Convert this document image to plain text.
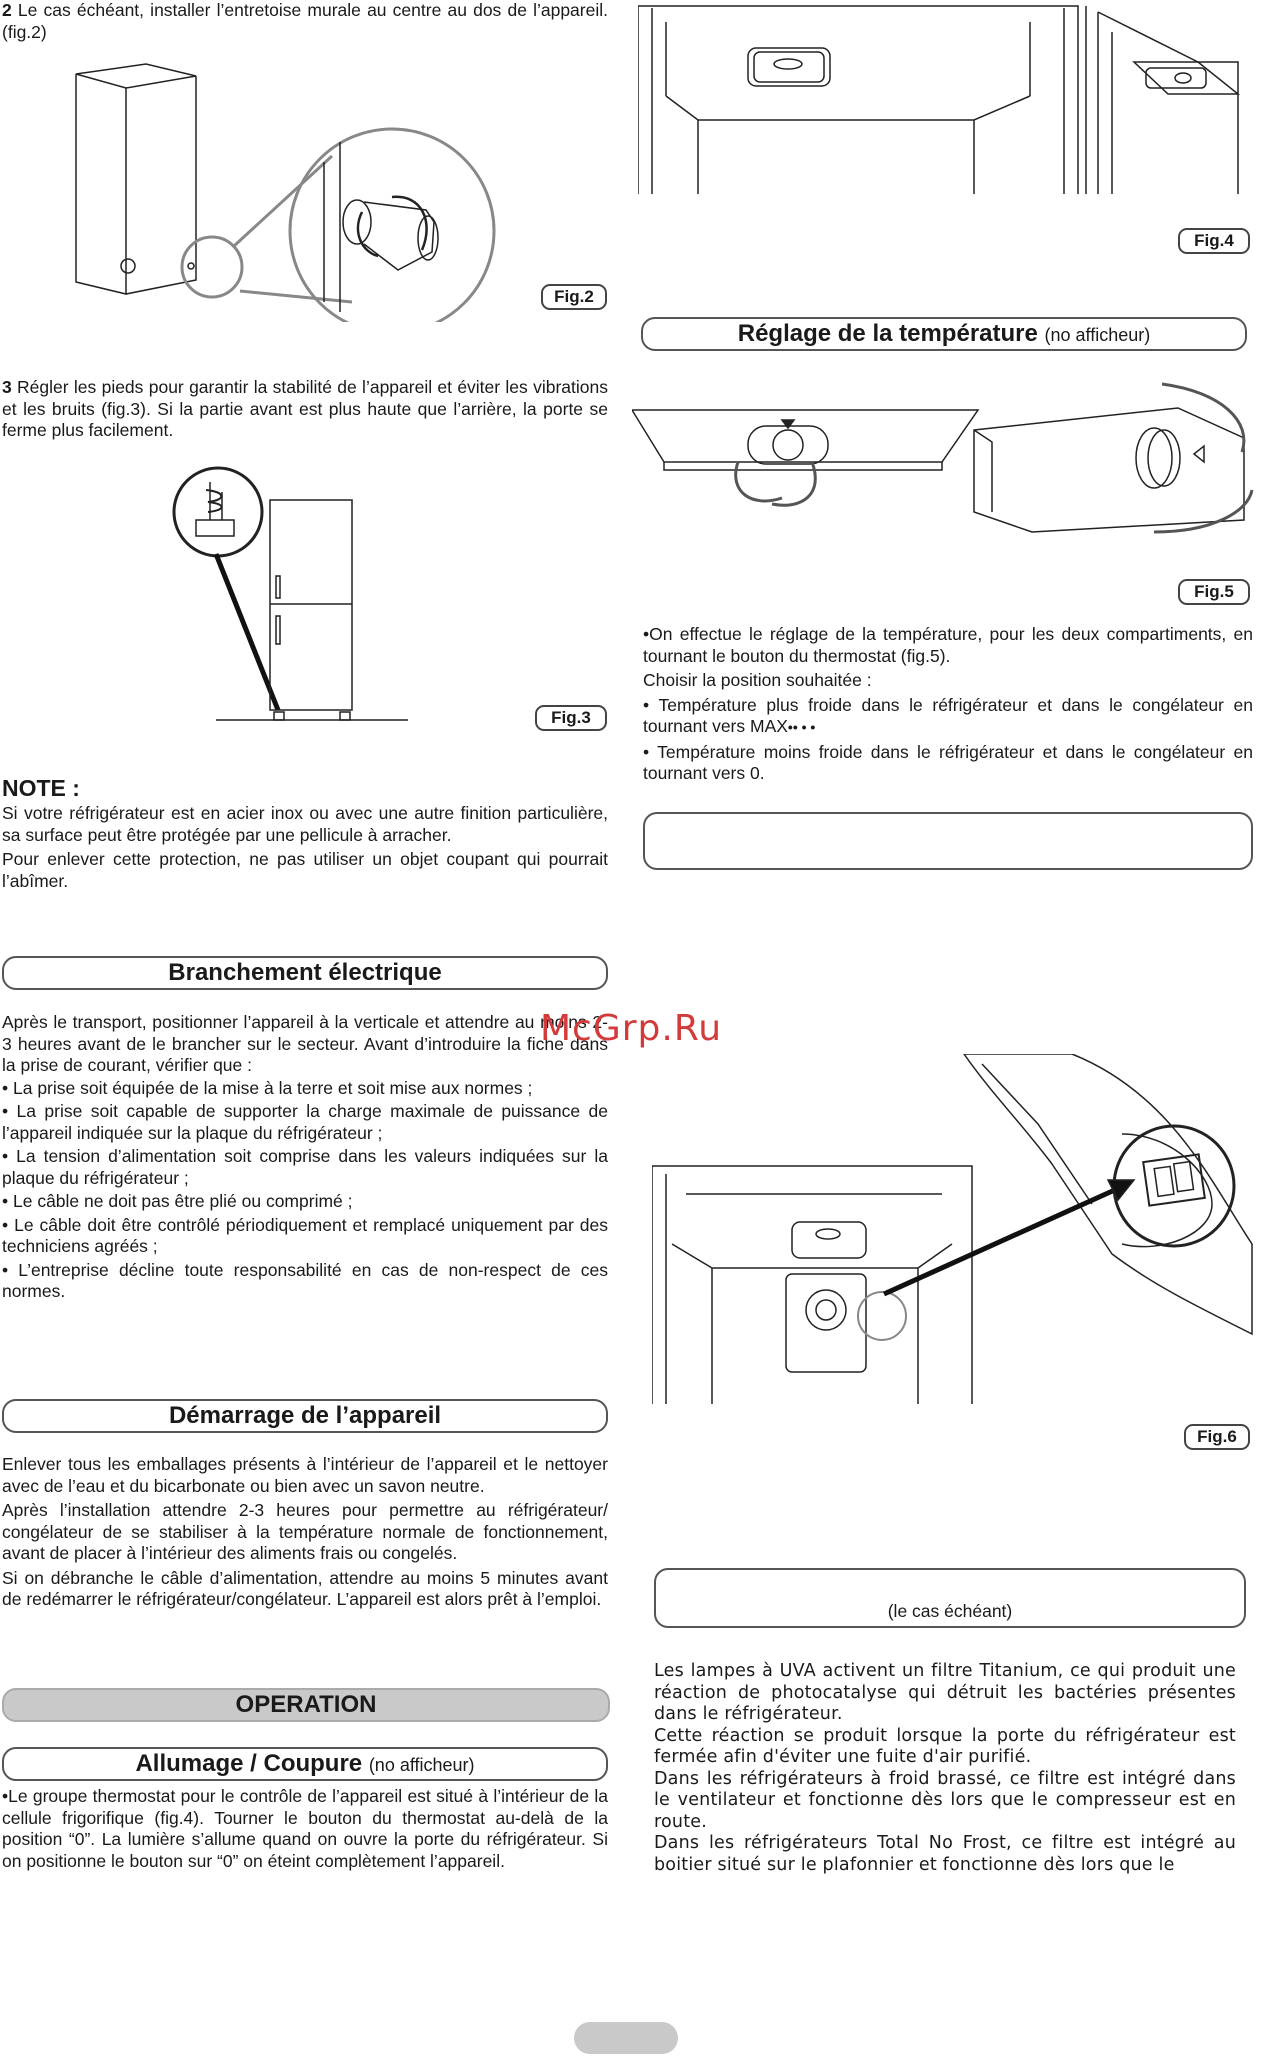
2 Le cas échéant, installer l’entretoise murale au centre au dos de l’appareil. (fig.2)

Fig.2

3 Régler les pieds pour garantir la stabilité de l’appareil et éviter les vibrations et les bruits (fig.3). Si la partie avant est plus haute que l’arrière, la porte se ferme plus facilement.

Fig.3

NOTE :

Si votre réfrigérateur est en acier inox ou avec une autre finition particulière, sa surface peut être protégée par une pellicule à arracher.

Pour enlever cette protection, ne pas utiliser un objet coupant qui pourrait l’abîmer.

Branchement électrique

Après le transport, positionner l’appareil à la verticale et attendre au moins 2-3 heures avant de le brancher sur le secteur. Avant d’introduire la fiche dans la prise de courant, vérifier que :

• La prise soit équipée de la mise à la terre et soit mise aux normes ;
• La prise soit capable de supporter la charge maximale de puissance de l’appareil indiquée sur la plaque du réfrigérateur ;
• La tension d’alimentation soit comprise dans les valeurs indiquées sur la plaque du réfrigérateur ;
• Le câble ne doit pas être plié ou comprimé ;
• Le câble doit être contrôlé périodiquement et remplacé uniquement par des techniciens agréés ;
• L’entreprise décline toute responsabilité en cas de non-respect de ces normes.
Démarrage de l’appareil

Enlever tous les emballages présents à l’intérieur de l’appareil et le nettoyer avec de l’eau et du bicarbonate ou bien avec un savon neutre.

Après l’installation attendre 2-3 heures pour permettre au réfrigérateur/ congélateur de se stabiliser à la température normale de fonctionnement, avant de placer à l’intérieur des aliments frais ou congelés.

Si on débranche le câble d’alimentation, attendre au moins 5 minutes avant de redémarrer le réfrigérateur/congélateur. L’appareil est alors prêt à l’emploi.

OPERATION
Allumage / Coupure (no afficheur)

•Le groupe thermostat pour le contrôle de l’appareil est situé à l’intérieur de la cellule frigorifique (fig.4). Tourner le bouton du thermostat au-delà de la position “0”. La lumière s’allume quand on ouvre la porte du réfrigérateur. Si on positionne le bouton sur “0” on éteint complètement l’appareil.

Fig.4
Réglage de la température (no afficheur)
Fig.5

•On effectue le réglage de la température, pour les deux compartiments, en tournant le bouton du thermostat (fig.5).

Choisir la position souhaitée :

• Température plus froide dans le réfrigérateur et dans le congélateur en tournant vers MAX•• • •

• Température moins froide dans le réfrigérateur et dans le congélateur en tournant vers 0.

Fig.6
(le cas échéant)

Les lampes à UVA activent un filtre Titanium, ce qui produit une réaction de photocatalyse qui détruit les bactéries présentes dans le réfrigérateur.

Cette réaction se produit lorsque la porte du réfrigérateur est fermée afin d'éviter une fuite d'air purifié.

Dans les réfrigérateurs à froid brassé, ce filtre est intégré dans le ventilateur et fonctionne dès lors que le compresseur est en route.

Dans les réfrigérateurs Total No Frost, ce filtre est intégré au boitier situé sur le plafonnier et fonctionne dès lors que le

McGrp.Ru
